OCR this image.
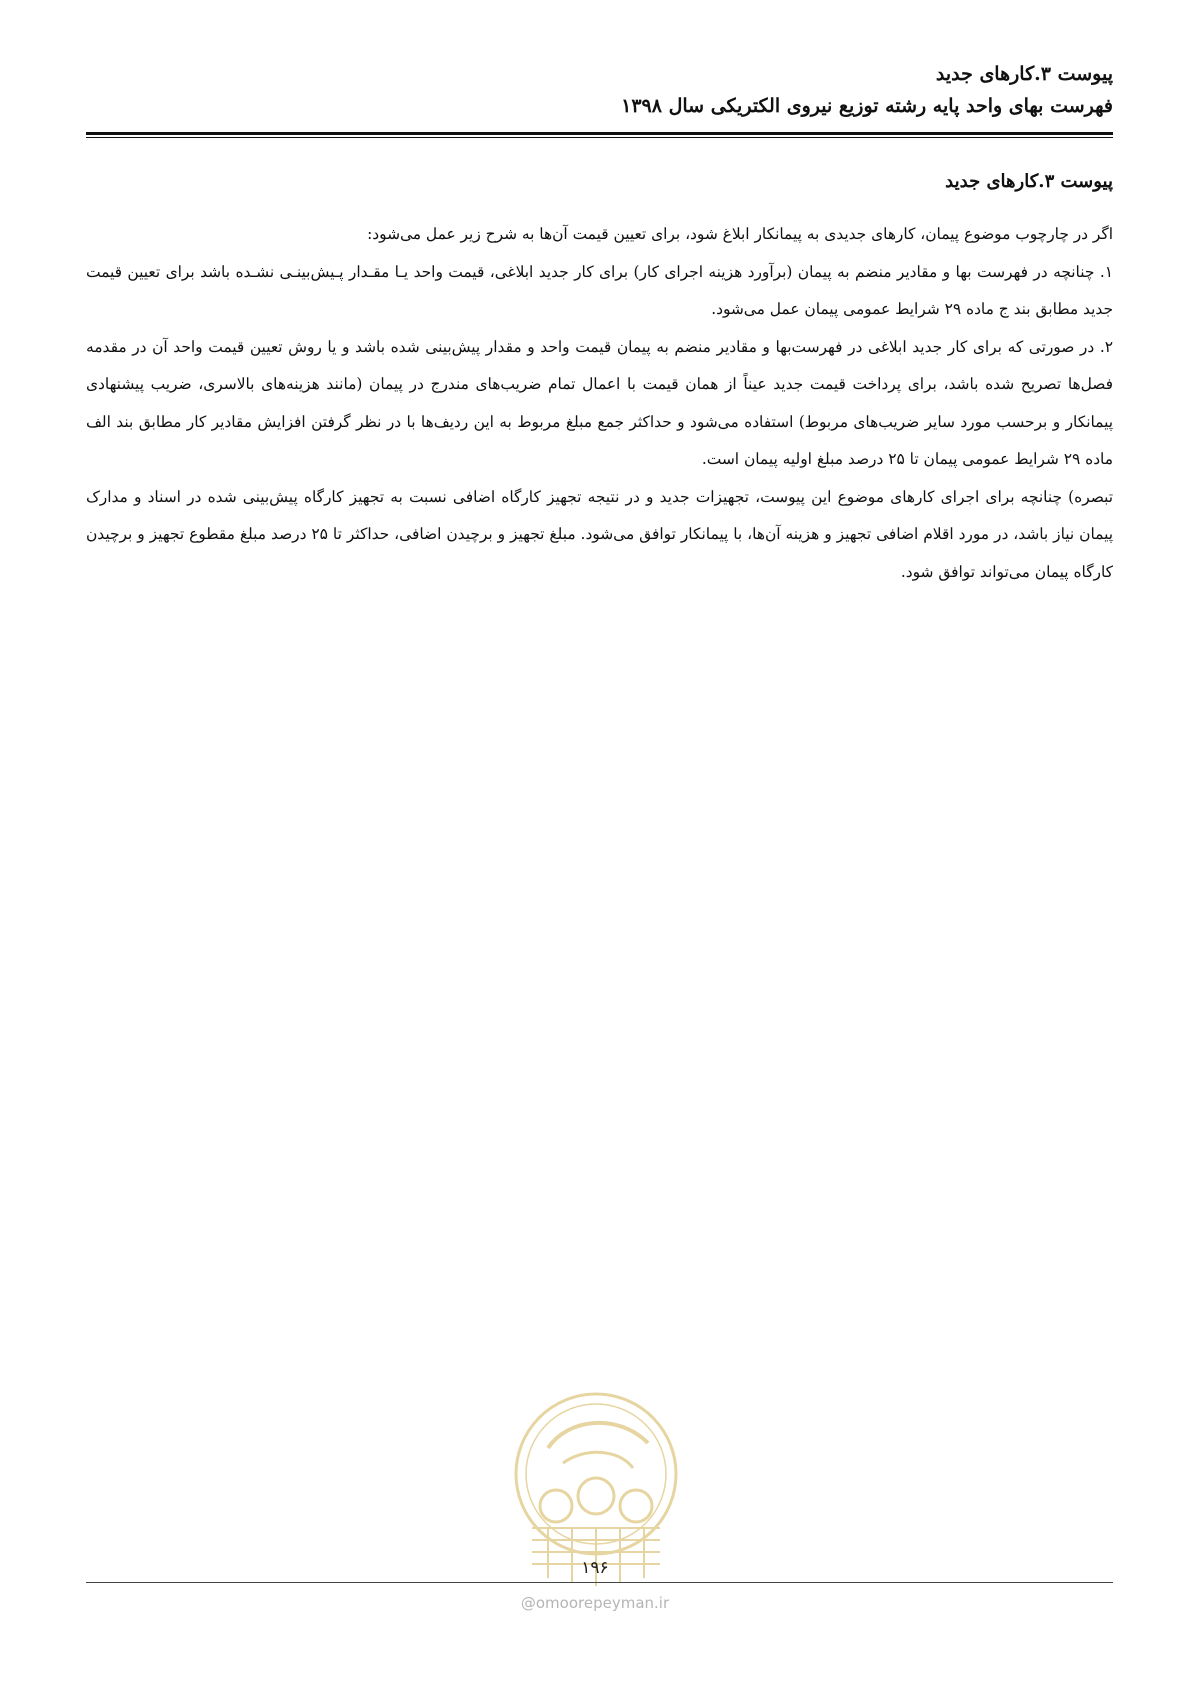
پیوست ۳.کارهای جدید
فهرست بهای واحد پایه رشته توزیع نیروی الکتریکی سال ۱۳۹۸
پیوست ۳.کارهای جدید

اگر در چارچوب موضوع پیمان، کارهای جدیدی به پیمانکار ابلاغ شود، برای تعیین قیمت آن‌ها به شرح زیر عمل می‌شود:

۱. چنانچه در فهرست بها و مقادیر منضم به پیمان (برآورد هزینه اجرای کار) برای کار جدید ابلاغی، قیمت واحد یـا مقـدار پـیش‌بینـی نشـده باشد برای تعیین قیمت جدید مطابق بند ج ماده ۲۹ شرایط عمومی پیمان عمل می‌شود.

۲. در صورتی که برای کار جدید ابلاغی در فهرست‌بها و مقادیر منضم به پیمان قیمت واحد و مقدار پیش‌بینی شده باشد و یا روش تعیین قیمت واحد آن در مقدمه فصل‌ها تصریح شده باشد، برای پرداخت قیمت جدید عیناً از همان قیمت با اعمال تمام ضریب‌های مندرج در پیمان (مانند هزینه‌های بالاسری، ضریب پیشنهادی پیمانکار و برحسب مورد سایر ضریب‌های مربوط) استفاده می‌شود و حداکثر جمع مبلغ مربوط به این ردیف‌ها با در نظر گرفتن افزایش مقادیر کار مطابق بند الف ماده ۲۹ شرایط عمومی پیمان تا ۲۵ درصد مبلغ اولیه پیمان است.

تبصره) چنانچه برای اجرای کارهای موضوع این پیوست، تجهیزات جدید و در نتیجه تجهیز کارگاه اضافی نسبت به تجهیز کارگاه پیش‌بینی شده در اسناد و مدارک پیمان نیاز باشد، در مورد اقلام اضافی تجهیز و هزینه آن‌ها، با پیمانکار توافق می‌شود. مبلغ تجهیز و برچیدن اضافی، حداکثر تا ۲۵ درصد مبلغ مقطوع تجهیز و برچیدن کارگاه پیمان می‌تواند توافق شود.

۱۹۶
@omoorepeyman.ir
